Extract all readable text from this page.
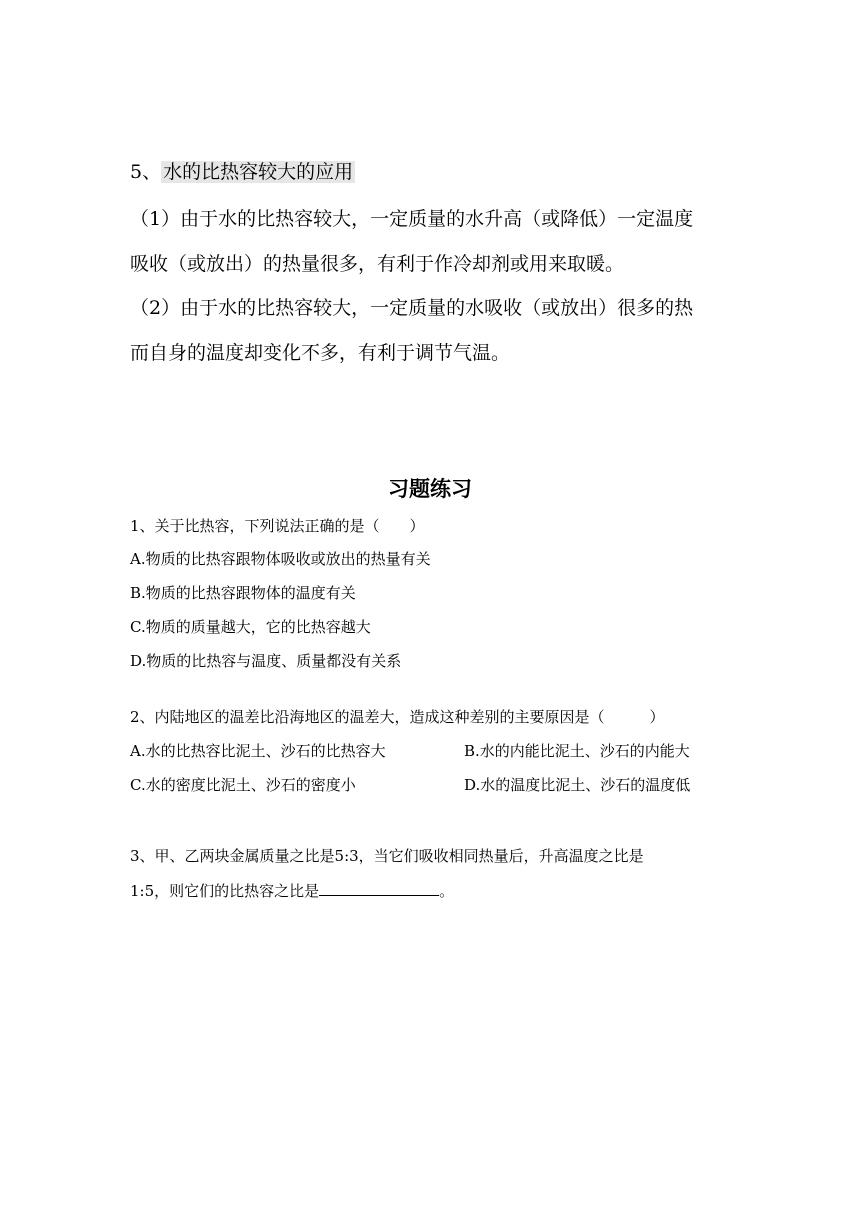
5、 水的比热容较大的应用
（1）由于水的比热容较大，一定质量的水升高（或降低）一定温度
吸收（或放出）的热量很多，有利于作冷却剂或用来取暖。
（2）由于水的比热容较大，一定质量的水吸收（或放出）很多的热
而自身的温度却变化不多，有利于调节气温。
习题练习
1、关于比热容，下列说法正确的是（　　）
A.物质的比热容跟物体吸收或放出的热量有关
B.物质的比热容跟物体的温度有关
C.物质的质量越大，它的比热容越大
D.物质的比热容与温度、质量都没有关系
2、内陆地区的温差比沿海地区的温差大，造成这种差别的主要原因是（　　　）
A.水的比热容比泥土、沙石的比热容大	B.水的内能比泥土、沙石的内能大
C.水的密度比泥土、沙石的密度小	D.水的温度比泥土、沙石的温度低
3、甲、乙两块金属质量之比是5:3，当它们吸收相同热量后，升高温度之比是
1:5，则它们的比热容之比是	。
